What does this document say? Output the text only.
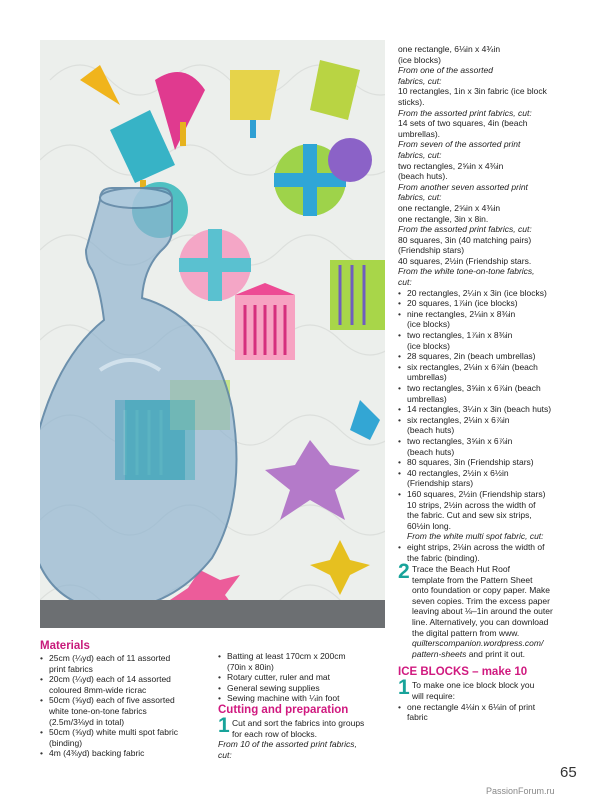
one rectangle, 6⅛in x 4¾in

(ice blocks)

From one of the assorted

fabrics, cut:

10 rectangles, 1in x 3in fabric (ice block

sticks).

From the assorted print fabrics, cut:

14 sets of two squares, 4in (beach

umbrellas).

From seven of the assorted print

fabrics, cut:

two rectangles, 2⅝in x 4⅜in

(beach huts).

From another seven assorted print

fabrics, cut:

one rectangle, 2⅝in x 4⅜in

one rectangle, 3in x 8in.

From the assorted print fabrics, cut:

80 squares, 3in (40 matching pairs)

(Friendship stars)

40 squares, 2½in (Friendship stars.

From the white tone-on-tone fabrics,

cut:

• 20 rectangles, 2¼in x 3in (ice blocks)

• 20 squares, 1⅞in (ice blocks)

• nine rectangles, 2⅛in x 8⅜in

(ice blocks)

• two rectangles, 1⅞in x 8⅜in

(ice blocks)

• 28 squares, 2in (beach umbrellas)

• six rectangles, 2⅛in x 6⅞in (beach

umbrellas)

• two rectangles, 3⅝in x 6⅞in (beach

umbrellas)

• 14 rectangles, 3¼in x 3in (beach huts)

• six rectangles, 2⅛in x 6⅞in

(beach huts)

• two rectangles, 3⅝in x 6⅞in

(beach huts)

• 80 squares, 3in (Friendship stars)

• 40 rectangles, 2½in x 6½in

(Friendship stars)

• 160 squares, 2½in (Friendship stars)

10 strips, 2½in across the width of

the fabric. Cut and sew six strips,

60½in long.

From the white multi spot fabric, cut:

• eight strips, 2⅛in across the width of

the fabric (binding).

2 Trace the Beach Hut Roof

template from the Pattern Sheet

onto foundation or copy paper. Make

seven copies. Trim the excess paper

leaving about ⅛–1in around the outer

line. Alternatively, you can download

the digital pattern from www.

quilterscompanion.wordpress.com/

pattern-sheets and print it out.

ICE BLOCKS – make 10

1 To make one ice block block you

will require:

• one rectangle 4⅛in x 6⅛in of print

fabric

Materials

• 25cm (¼yd) each of 11 assorted

print fabrics

• 20cm (¼yd) each of 14 assorted

coloured 8mm-wide ricrac

• 50cm (⅝yd) each of five assorted

white tone-on-tone fabrics

(2.5m/3⅛yd in total)

• 50cm (⅝yd) white multi spot fabric

(binding)

• 4m (4⅜yd) backing fabric

• Batting at least 170cm x 200cm

(70in x 80in)

• Rotary cutter, ruler and mat

• General sewing supplies

• Sewing machine with ¼in foot

Cutting and preparation

1 Cut and sort the fabrics into groups

for each row of blocks.

From 10 of the assorted print fabrics,

cut:

65
PassionForum.ru
